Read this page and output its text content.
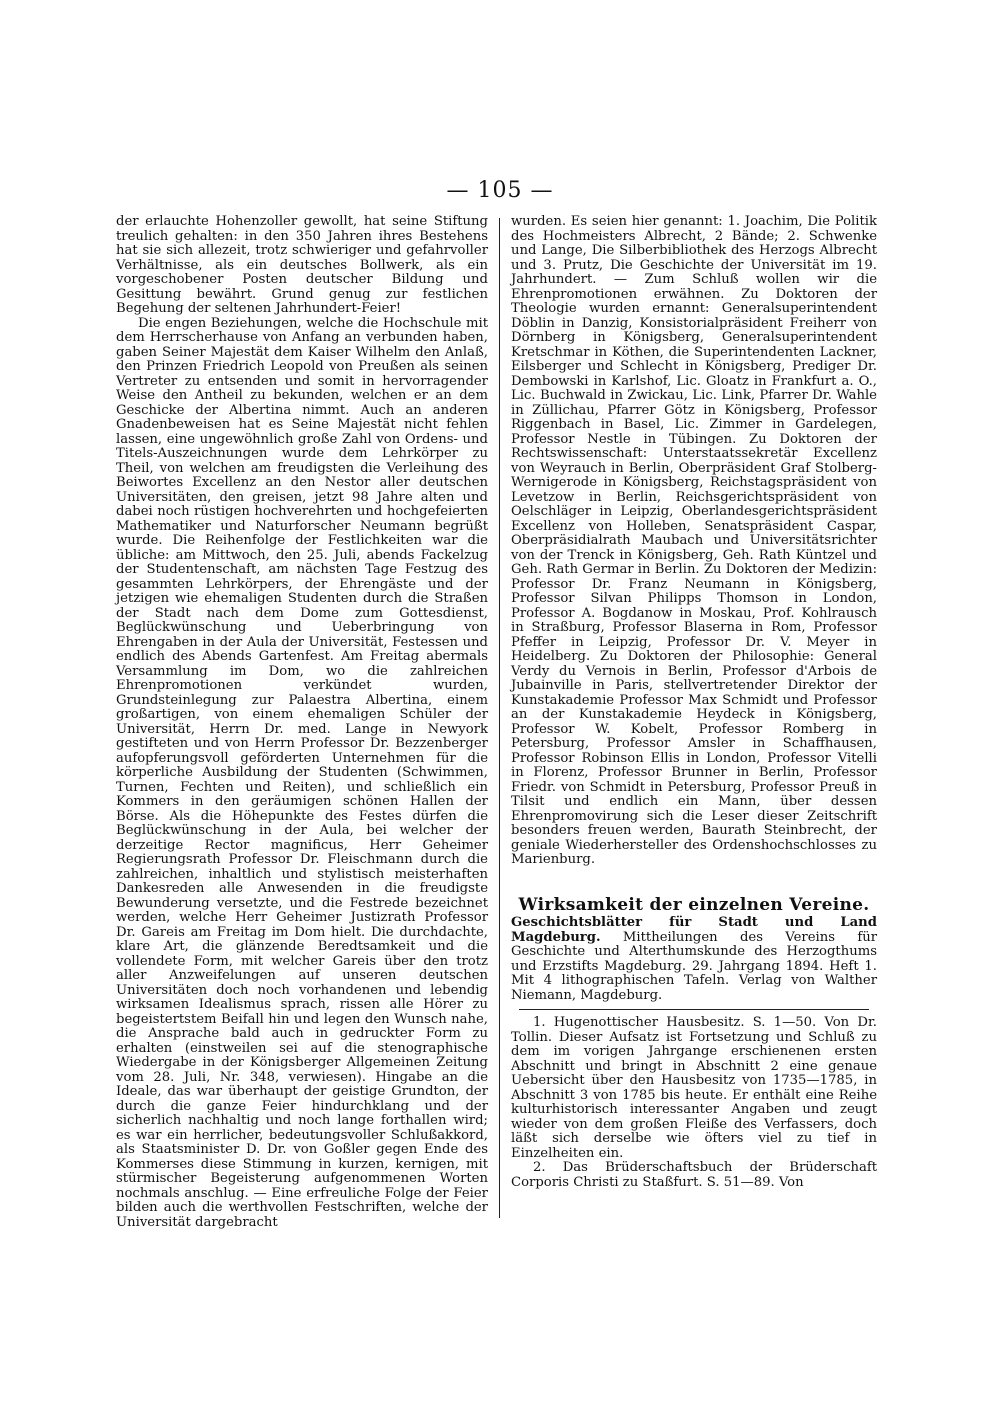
— 105 —

der erlauchte Hohenzoller gewollt, hat seine Stiftung treulich gehalten: in den 350 Jahren ihres Bestehens hat sie sich allezeit, trotz schwieriger und gefahrvoller Verhältnisse, als ein deutsches Bollwerk, als ein vorgeschobener Posten deutscher Bildung und Gesittung bewährt. Grund genug zur festlichen Begehung der seltenen Jahrhundert-Feier!

Die engen Beziehungen, welche die Hochschule mit dem Herrscherhause von Anfang an verbunden haben, gaben Seiner Majestät dem Kaiser Wilhelm den Anlaß, den Prinzen Friedrich Leopold von Preußen als seinen Vertreter zu entsenden und somit in hervorragender Weise den Antheil zu bekunden, welchen er an dem Geschicke der Albertina nimmt. Auch an anderen Gnadenbeweisen hat es Seine Majestät nicht fehlen lassen, eine ungewöhnlich große Zahl von Ordens- und Titels-Auszeichnungen wurde dem Lehrkörper zu Theil, von welchen am freudigsten die Verleihung des Beiwortes Excellenz an den Nestor aller deutschen Universitäten, den greisen, jetzt 98 Jahre alten und dabei noch rüstigen hochverehrten und hochgefeierten Mathematiker und Naturforscher Neumann begrüßt wurde. Die Reihenfolge der Festlichkeiten war die übliche: am Mittwoch, den 25. Juli, abends Fackelzug der Studentenschaft, am nächsten Tage Festzug des gesammten Lehrkörpers, der Ehrengäste und der jetzigen wie ehemaligen Studenten durch die Straßen der Stadt nach dem Dome zum Gottesdienst, Beglückwünschung und Ueberbringung von Ehrengaben in der Aula der Universität, Festessen und endlich des Abends Gartenfest. Am Freitag abermals Versammlung im Dom, wo die zahlreichen Ehrenpromotionen verkündet wurden, Grundsteinlegung zur Palaestra Albertina, einem großartigen, von einem ehemaligen Schüler der Universität, Herrn Dr. med. Lange in Newyork gestifteten und von Herrn Professor Dr. Bezzenberger aufopferungsvoll geförderten Unternehmen für die körperliche Ausbildung der Studenten (Schwimmen, Turnen, Fechten und Reiten), und schließlich ein Kommers in den geräumigen schönen Hallen der Börse. Als die Höhepunkte des Festes dürfen die Beglückwünschung in der Aula, bei welcher der derzeitige Rector magnificus, Herr Geheimer Regierungsrath Professor Dr. Fleischmann durch die zahlreichen, inhaltlich und stylistisch meisterhaften Dankesreden alle Anwesenden in die freudigste Bewunderung versetzte, und die Festrede bezeichnet werden, welche Herr Geheimer Justizrath Professor Dr. Gareis am Freitag im Dom hielt. Die durchdachte, klare Art, die glänzende Beredtsamkeit und die vollendete Form, mit welcher Gareis über den trotz aller Anzweifelungen auf unseren deutschen Universitäten doch noch vorhandenen und lebendig wirksamen Idealismus sprach, rissen alle Hörer zu begeistertstem Beifall hin und legen den Wunsch nahe, die Ansprache bald auch in gedruckter Form zu erhalten (einstweilen sei auf die stenographische Wiedergabe in der Königsberger Allgemeinen Zeitung vom 28. Juli, Nr. 348, verwiesen). Hingabe an die Ideale, das war überhaupt der geistige Grundton, der durch die ganze Feier hindurchklang und der sicherlich nachhaltig und noch lange forthallen wird; es war ein herrlicher, bedeutungsvoller Schlußakkord, als Staatsminister D. Dr. von Goßler gegen Ende des Kommerses diese Stimmung in kurzen, kernigen, mit stürmischer Begeisterung aufgenommenen Worten nochmals anschlug. — Eine erfreuliche Folge der Feier bilden auch die werthvollen Festschriften, welche der Universität dargebracht

wurden. Es seien hier genannt: 1. Joachim, Die Politik des Hochmeisters Albrecht, 2 Bände; 2. Schwenke und Lange, Die Silberbibliothek des Herzogs Albrecht und 3. Prutz, Die Geschichte der Universität im 19. Jahrhundert. — Zum Schluß wollen wir die Ehrenpromotionen erwähnen. Zu Doktoren der Theologie wurden ernannt: Generalsuperintendent Döblin in Danzig, Konsistorialpräsident Freiherr von Dörnberg in Königsberg, Generalsuperintendent Kretschmar in Köthen, die Superintendenten Lackner, Eilsberger und Schlecht in Königsberg, Prediger Dr. Dembowski in Karlshof, Lic. Gloatz in Frankfurt a. O., Lic. Buchwald in Zwickau, Lic. Link, Pfarrer Dr. Wahle in Züllichau, Pfarrer Götz in Königsberg, Professor Riggenbach in Basel, Lic. Zimmer in Gardelegen, Professor Nestle in Tübingen. Zu Doktoren der Rechtswissenschaft: Unterstaatssekretär Excellenz von Weyrauch in Berlin, Oberpräsident Graf Stolberg-Wernigerode in Königsberg, Reichstagspräsident von Levetzow in Berlin, Reichsgerichtspräsident von Oelschläger in Leipzig, Oberlandesgerichtspräsident Excellenz von Holleben, Senatspräsident Caspar, Oberpräsidialrath Maubach und Universitätsrichter von der Trenck in Königsberg, Geh. Rath Küntzel und Geh. Rath Germar in Berlin. Zu Doktoren der Medizin: Professor Dr. Franz Neumann in Königsberg, Professor Silvan Philipps Thomson in London, Professor A. Bogdanow in Moskau, Prof. Kohlrausch in Straßburg, Professor Blaserna in Rom, Professor Pfeffer in Leipzig, Professor Dr. V. Meyer in Heidelberg. Zu Doktoren der Philosophie: General Verdy du Vernois in Berlin, Professor d'Arbois de Jubainville in Paris, stellvertretender Direktor der Kunstakademie Professor Max Schmidt und Professor an der Kunstakademie Heydeck in Königsberg, Professor W. Kobelt, Professor Romberg in Petersburg, Professor Amsler in Schaffhausen, Professor Robinson Ellis in London, Professor Vitelli in Florenz, Professor Brunner in Berlin, Professor Friedr. von Schmidt in Petersburg, Professor Preuß in Tilsit und endlich ein Mann, über dessen Ehrenpromovirung sich die Leser dieser Zeitschrift besonders freuen werden, Baurath Steinbrecht, der geniale Wiederhersteller des Ordenshochschlosses zu Marienburg.

Wirksamkeit der einzelnen Vereine.

Geschichtsblätter für Stadt und Land Magdeburg. Mittheilungen des Vereins für Geschichte und Alterthumskunde des Herzogthums und Erzstifts Magdeburg. 29. Jahrgang 1894. Heft 1. Mit 4 lithographischen Tafeln. Verlag von Walther Niemann, Magdeburg.

1. Hugenottischer Hausbesitz. S. 1—50. Von Dr. Tollin. Dieser Aufsatz ist Fortsetzung und Schluß zu dem im vorigen Jahrgange erschienenen ersten Abschnitt und bringt in Abschnitt 2 eine genaue Uebersicht über den Hausbesitz von 1735—1785, in Abschnitt 3 von 1785 bis heute. Er enthält eine Reihe kulturhistorisch interessanter Angaben und zeugt wieder von dem großen Fleiße des Verfassers, doch läßt sich derselbe wie öfters viel zu tief in Einzelheiten ein.

2. Das Brüderschaftsbuch der Brüderschaft Corporis Christi zu Staßfurt. S. 51—89. Von
